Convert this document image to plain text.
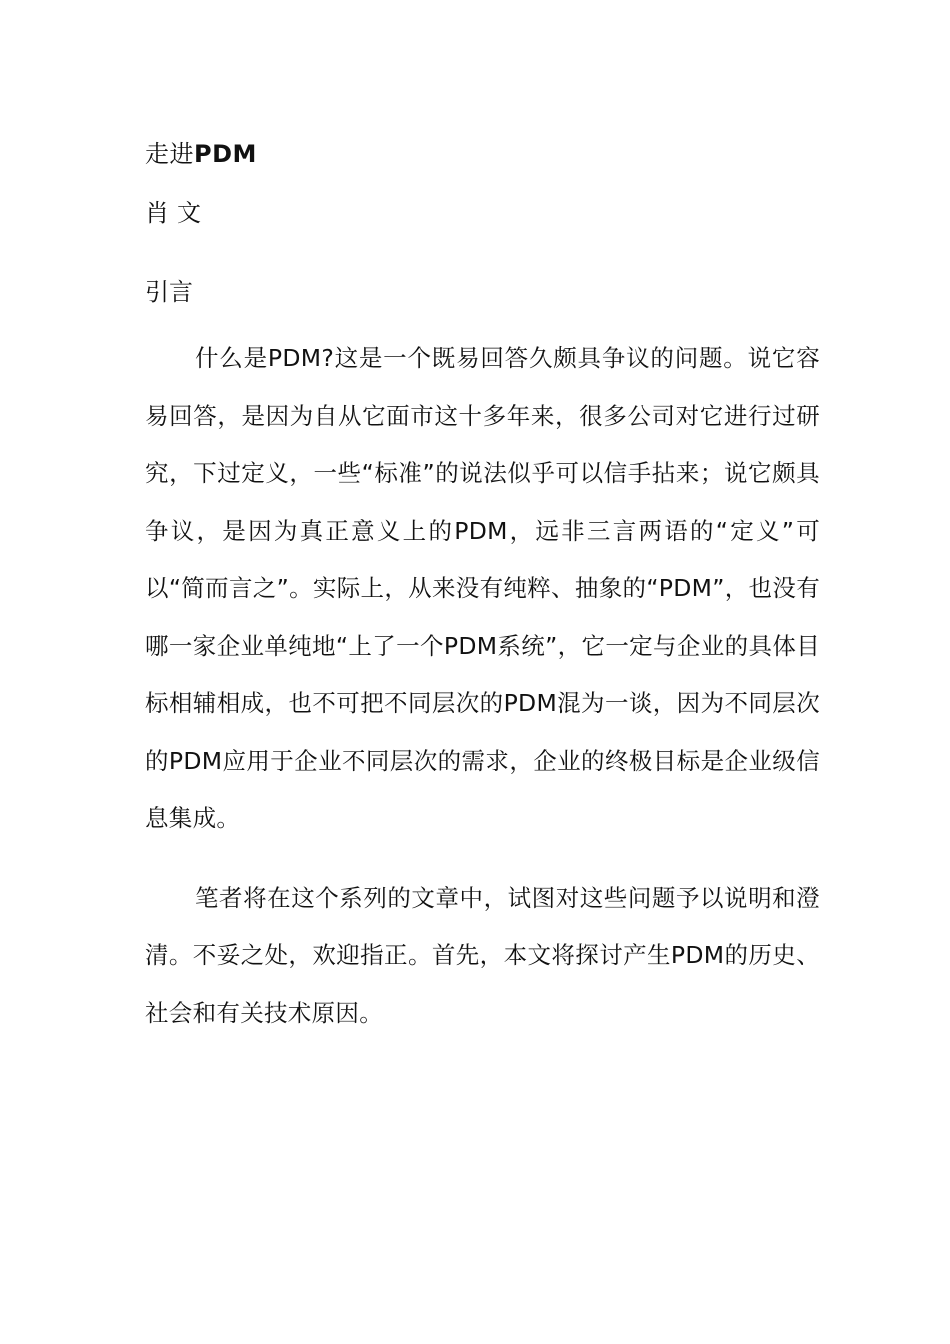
走进PDM

肖文

引言

什么是PDM?这是一个既易回答久颇具争议的问题。说它容易回答，是因为自从它面市这十多年来，很多公司对它进行过研究，下过定义，一些“标准”的说法似乎可以信手拈来；说它颇具争议，是因为真正意义上的PDM，远非三言两语的“定义”可以“简而言之”。实际上，从来没有纯粹、抽象的“PDM”，也没有哪一家企业单纯地“上了一个PDM系统”，它一定与企业的具体目标相辅相成，也不可把不同层次的PDM混为一谈，因为不同层次的PDM应用于企业不同层次的需求，企业的终极目标是企业级信息集成。

笔者将在这个系列的文章中，试图对这些问题予以说明和澄清。不妥之处，欢迎指正。首先，本文将探讨产生PDM的历史、社会和有关技术原因。
